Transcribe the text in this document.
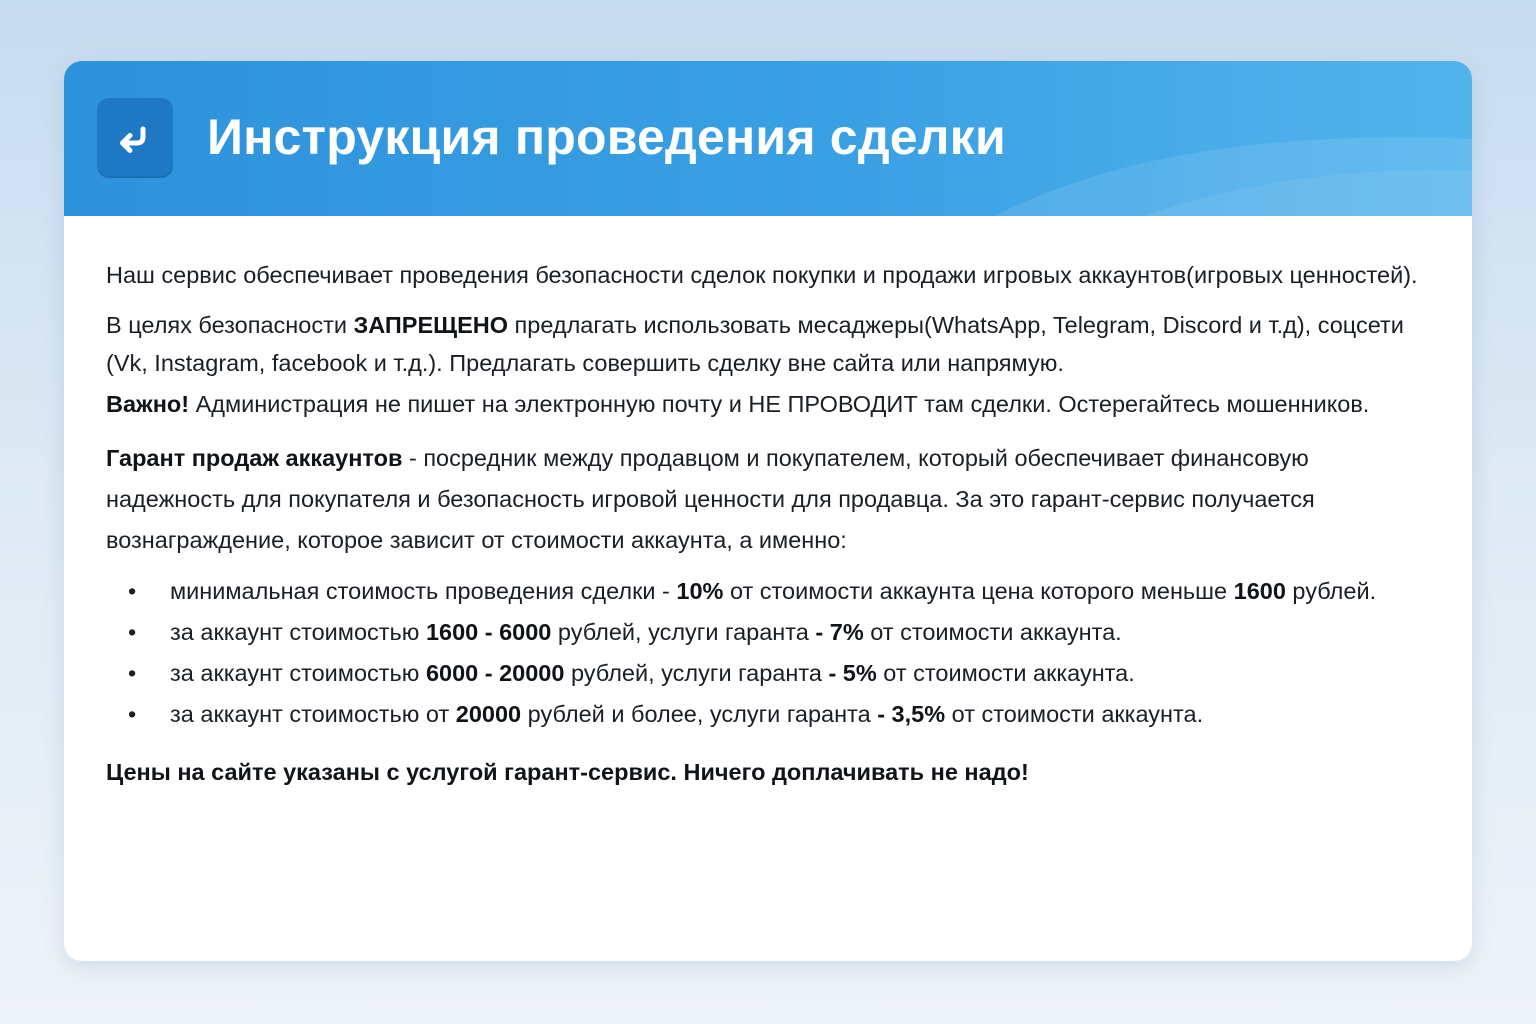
Инструкция проведения сделки

Наш сервис обеспечивает проведения безопасности сделок покупки и продажи игровых аккаунтов(игровых ценностей).

В целях безопасности ЗАПРЕЩЕНО предлагать использовать месаджеры(WhatsApp, Telegram, Discord и т.д), соцсети (Vk, Instagram, facebook и т.д.). Предлагать совершить сделку вне сайта или напрямую.

Важно! Администрация не пишет на электронную почту и НЕ ПРОВОДИТ там сделки. Остерегайтесь мошенников.

Гарант продаж аккаунтов - посредник между продавцом и покупателем, который обеспечивает финансовую надежность для покупателя и безопасность игровой ценности для продавца. За это гарант-сервис получается вознаграждение, которое зависит от стоимости аккаунта, а именно:

• минимальная стоимость проведения сделки - 10% от стоимости аккаунта цена которого меньше 1600 рублей.
• за аккаунт стоимостью 1600 - 6000 рублей, услуги гаранта - 7% от стоимости аккаунта.
• за аккаунт стоимостью 6000 - 20000 рублей, услуги гаранта - 5% от стоимости аккаунта.
• за аккаунт стоимостью от 20000 рублей и более, услуги гаранта - 3,5% от стоимости аккаунта.

Цены на сайте указаны с услугой гарант-сервис. Ничего доплачивать не надо!
